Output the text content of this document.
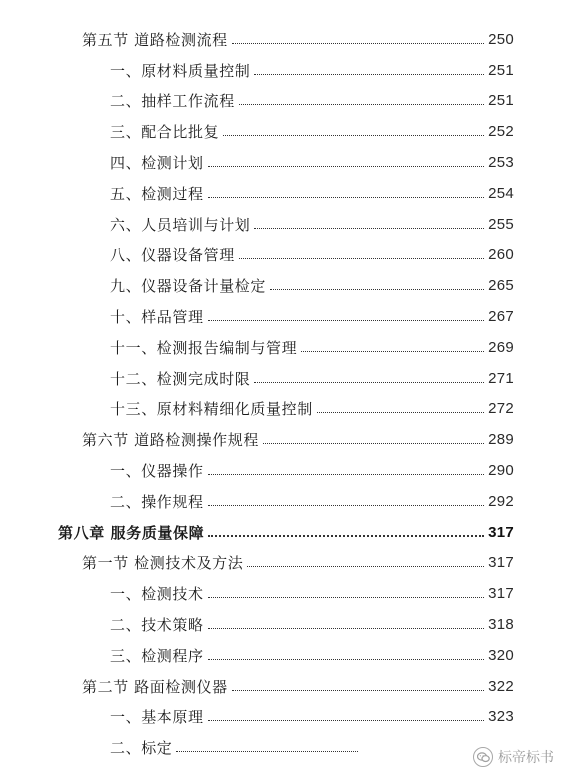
第五节 道路检测流程	250
一、原材料质量控制	251
二、抽样工作流程	251
三、配合比批复	252
四、检测计划	253
五、检测过程	254
六、人员培训与计划	255
八、仪器设备管理	260
九、仪器设备计量检定	265
十、样品管理	267
十一、检测报告编制与管理	269
十二、检测完成时限	271
十三、原材料精细化质量控制	272
第六节 道路检测操作规程	289
一、仪器操作	290
二、操作规程	292
第八章 服务质量保障	317
第一节 检测技术及方法	317
一、检测技术	317
二、技术策略	318
三、检测程序	320
第二节 路面检测仪器	322
一、基本原理	323
二、标定
标帝标书
